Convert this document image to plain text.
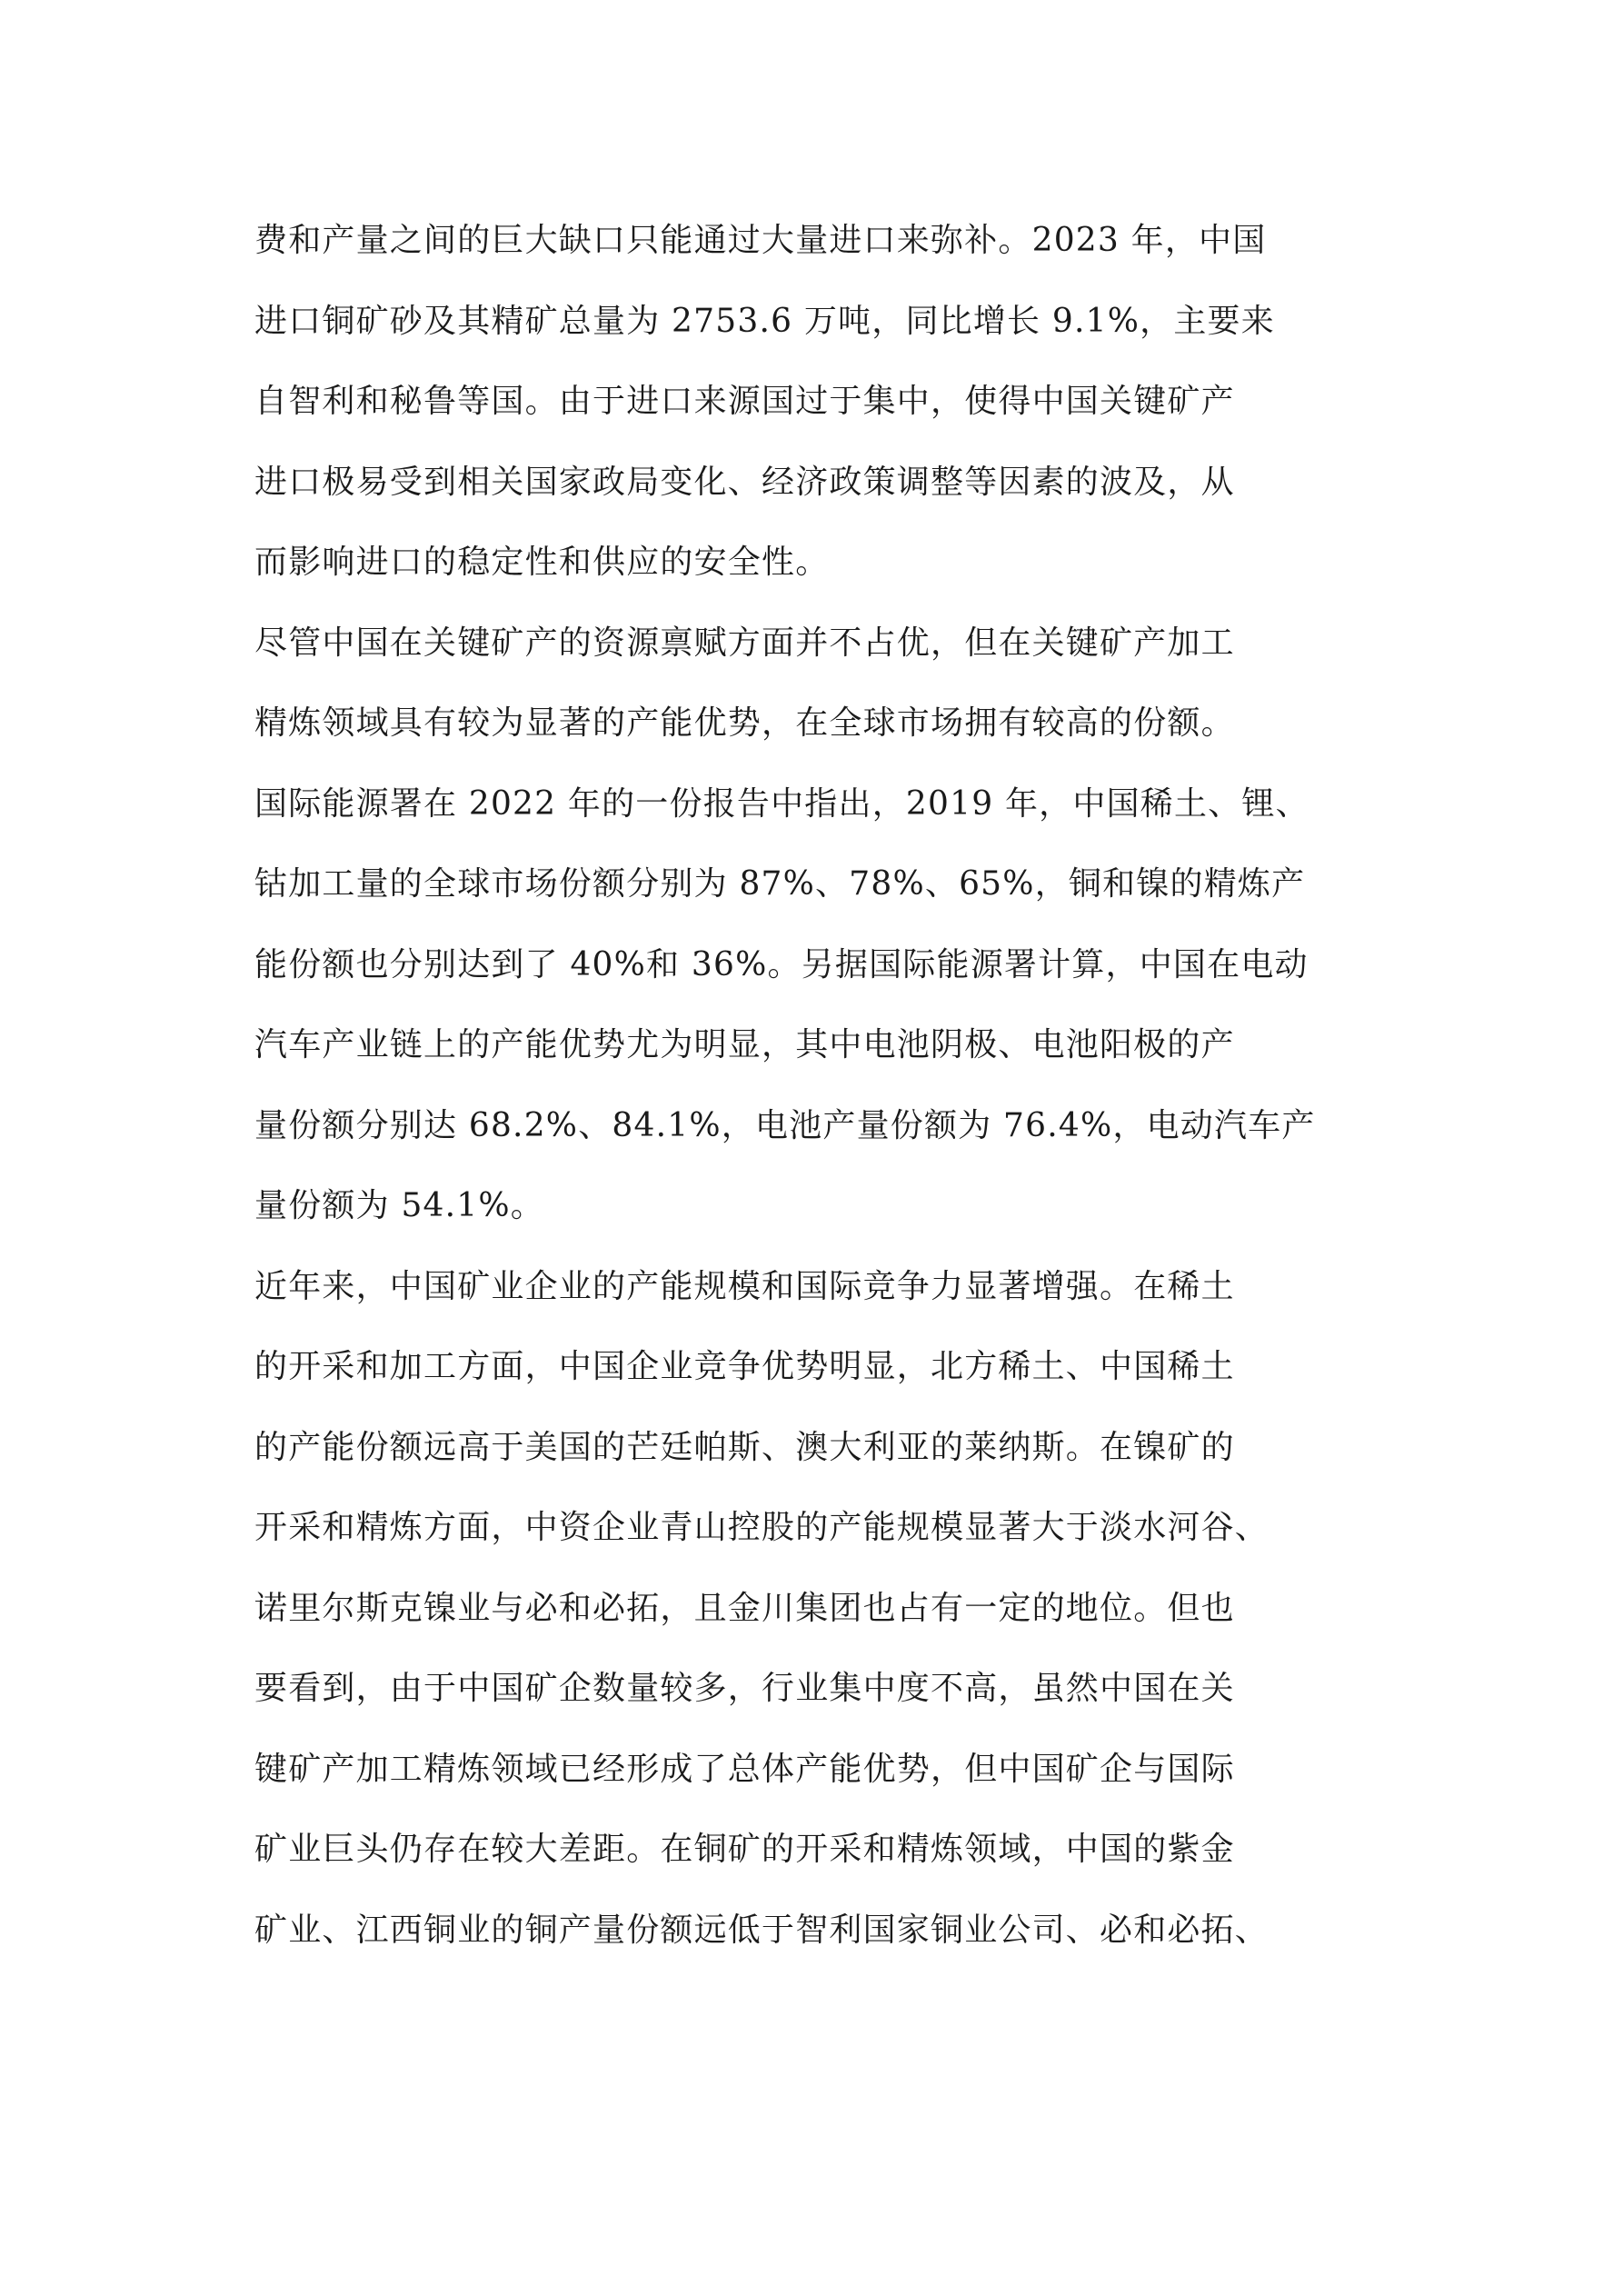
费和产量之间的巨大缺口只能通过大量进口来弥补。2023 年，中国
进口铜矿砂及其精矿总量为 2753.6 万吨，同比增长 9.1%，主要来
自智利和秘鲁等国。由于进口来源国过于集中，使得中国关键矿产
进口极易受到相关国家政局变化、经济政策调整等因素的波及，从
而影响进口的稳定性和供应的安全性。
尽管中国在关键矿产的资源禀赋方面并不占优，但在关键矿产加工
精炼领域具有较为显著的产能优势，在全球市场拥有较高的份额。
国际能源署在 2022 年的一份报告中指出，2019 年，中国稀土、锂、
钴加工量的全球市场份额分别为 87%、78%、65%，铜和镍的精炼产
能份额也分别达到了 40%和 36%。另据国际能源署计算，中国在电动
汽车产业链上的产能优势尤为明显，其中电池阴极、电池阳极的产
量份额分别达 68.2%、84.1%，电池产量份额为 76.4%，电动汽车产
量份额为 54.1%。
近年来，中国矿业企业的产能规模和国际竞争力显著增强。在稀土
的开采和加工方面，中国企业竞争优势明显，北方稀土、中国稀土
的产能份额远高于美国的芒廷帕斯、澳大利亚的莱纳斯。在镍矿的
开采和精炼方面，中资企业青山控股的产能规模显著大于淡水河谷、
诺里尔斯克镍业与必和必拓，且金川集团也占有一定的地位。但也
要看到，由于中国矿企数量较多，行业集中度不高，虽然中国在关
键矿产加工精炼领域已经形成了总体产能优势，但中国矿企与国际
矿业巨头仍存在较大差距。在铜矿的开采和精炼领域，中国的紫金
矿业、江西铜业的铜产量份额远低于智利国家铜业公司、必和必拓、
